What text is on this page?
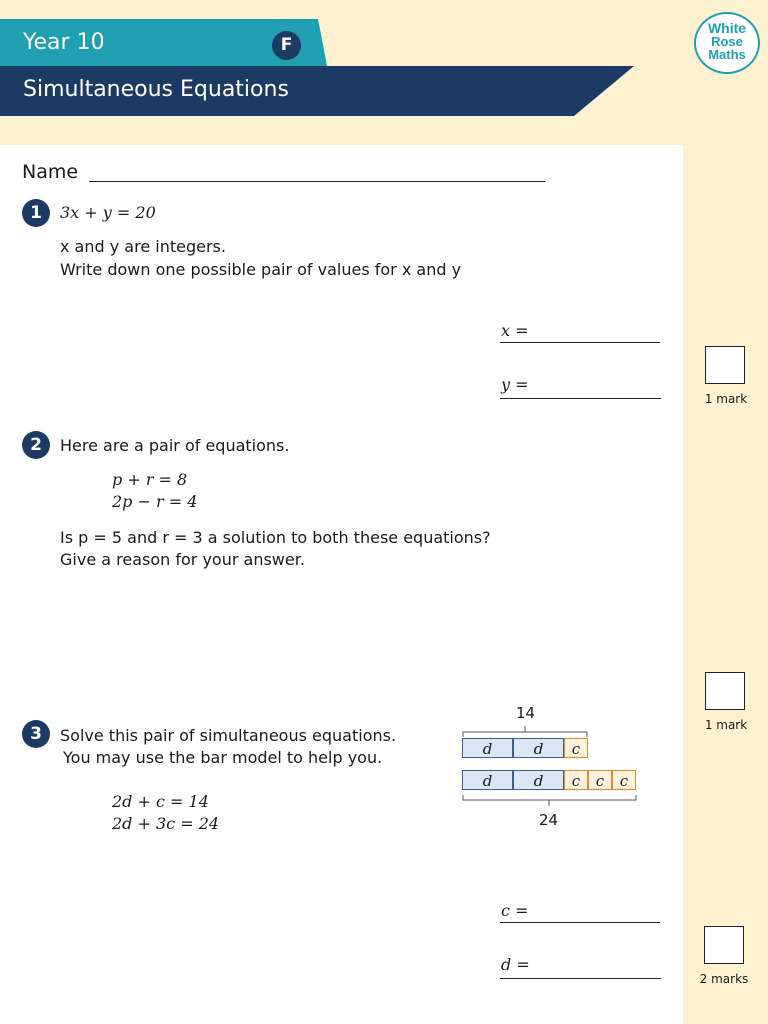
Year 10	F
Simultaneous Equations
White
Rose
Maths
Name
1	3x + y = 20
x and y are integers.
Write down one possible pair of values for x and y
x =
y =
1 mark
2	Here are a pair of equations.
p + r = 8
2p − r = 4
Is p = 5 and r = 3 a solution to both these equations?
Give a reason for your answer.
1 mark
3	Solve this pair of simultaneous equations.
You may use the bar model to help you.
2d + c = 14
2d + 3c = 24
14
d	d	c
d	d	c	c	c
24
c =
d =
2 marks
